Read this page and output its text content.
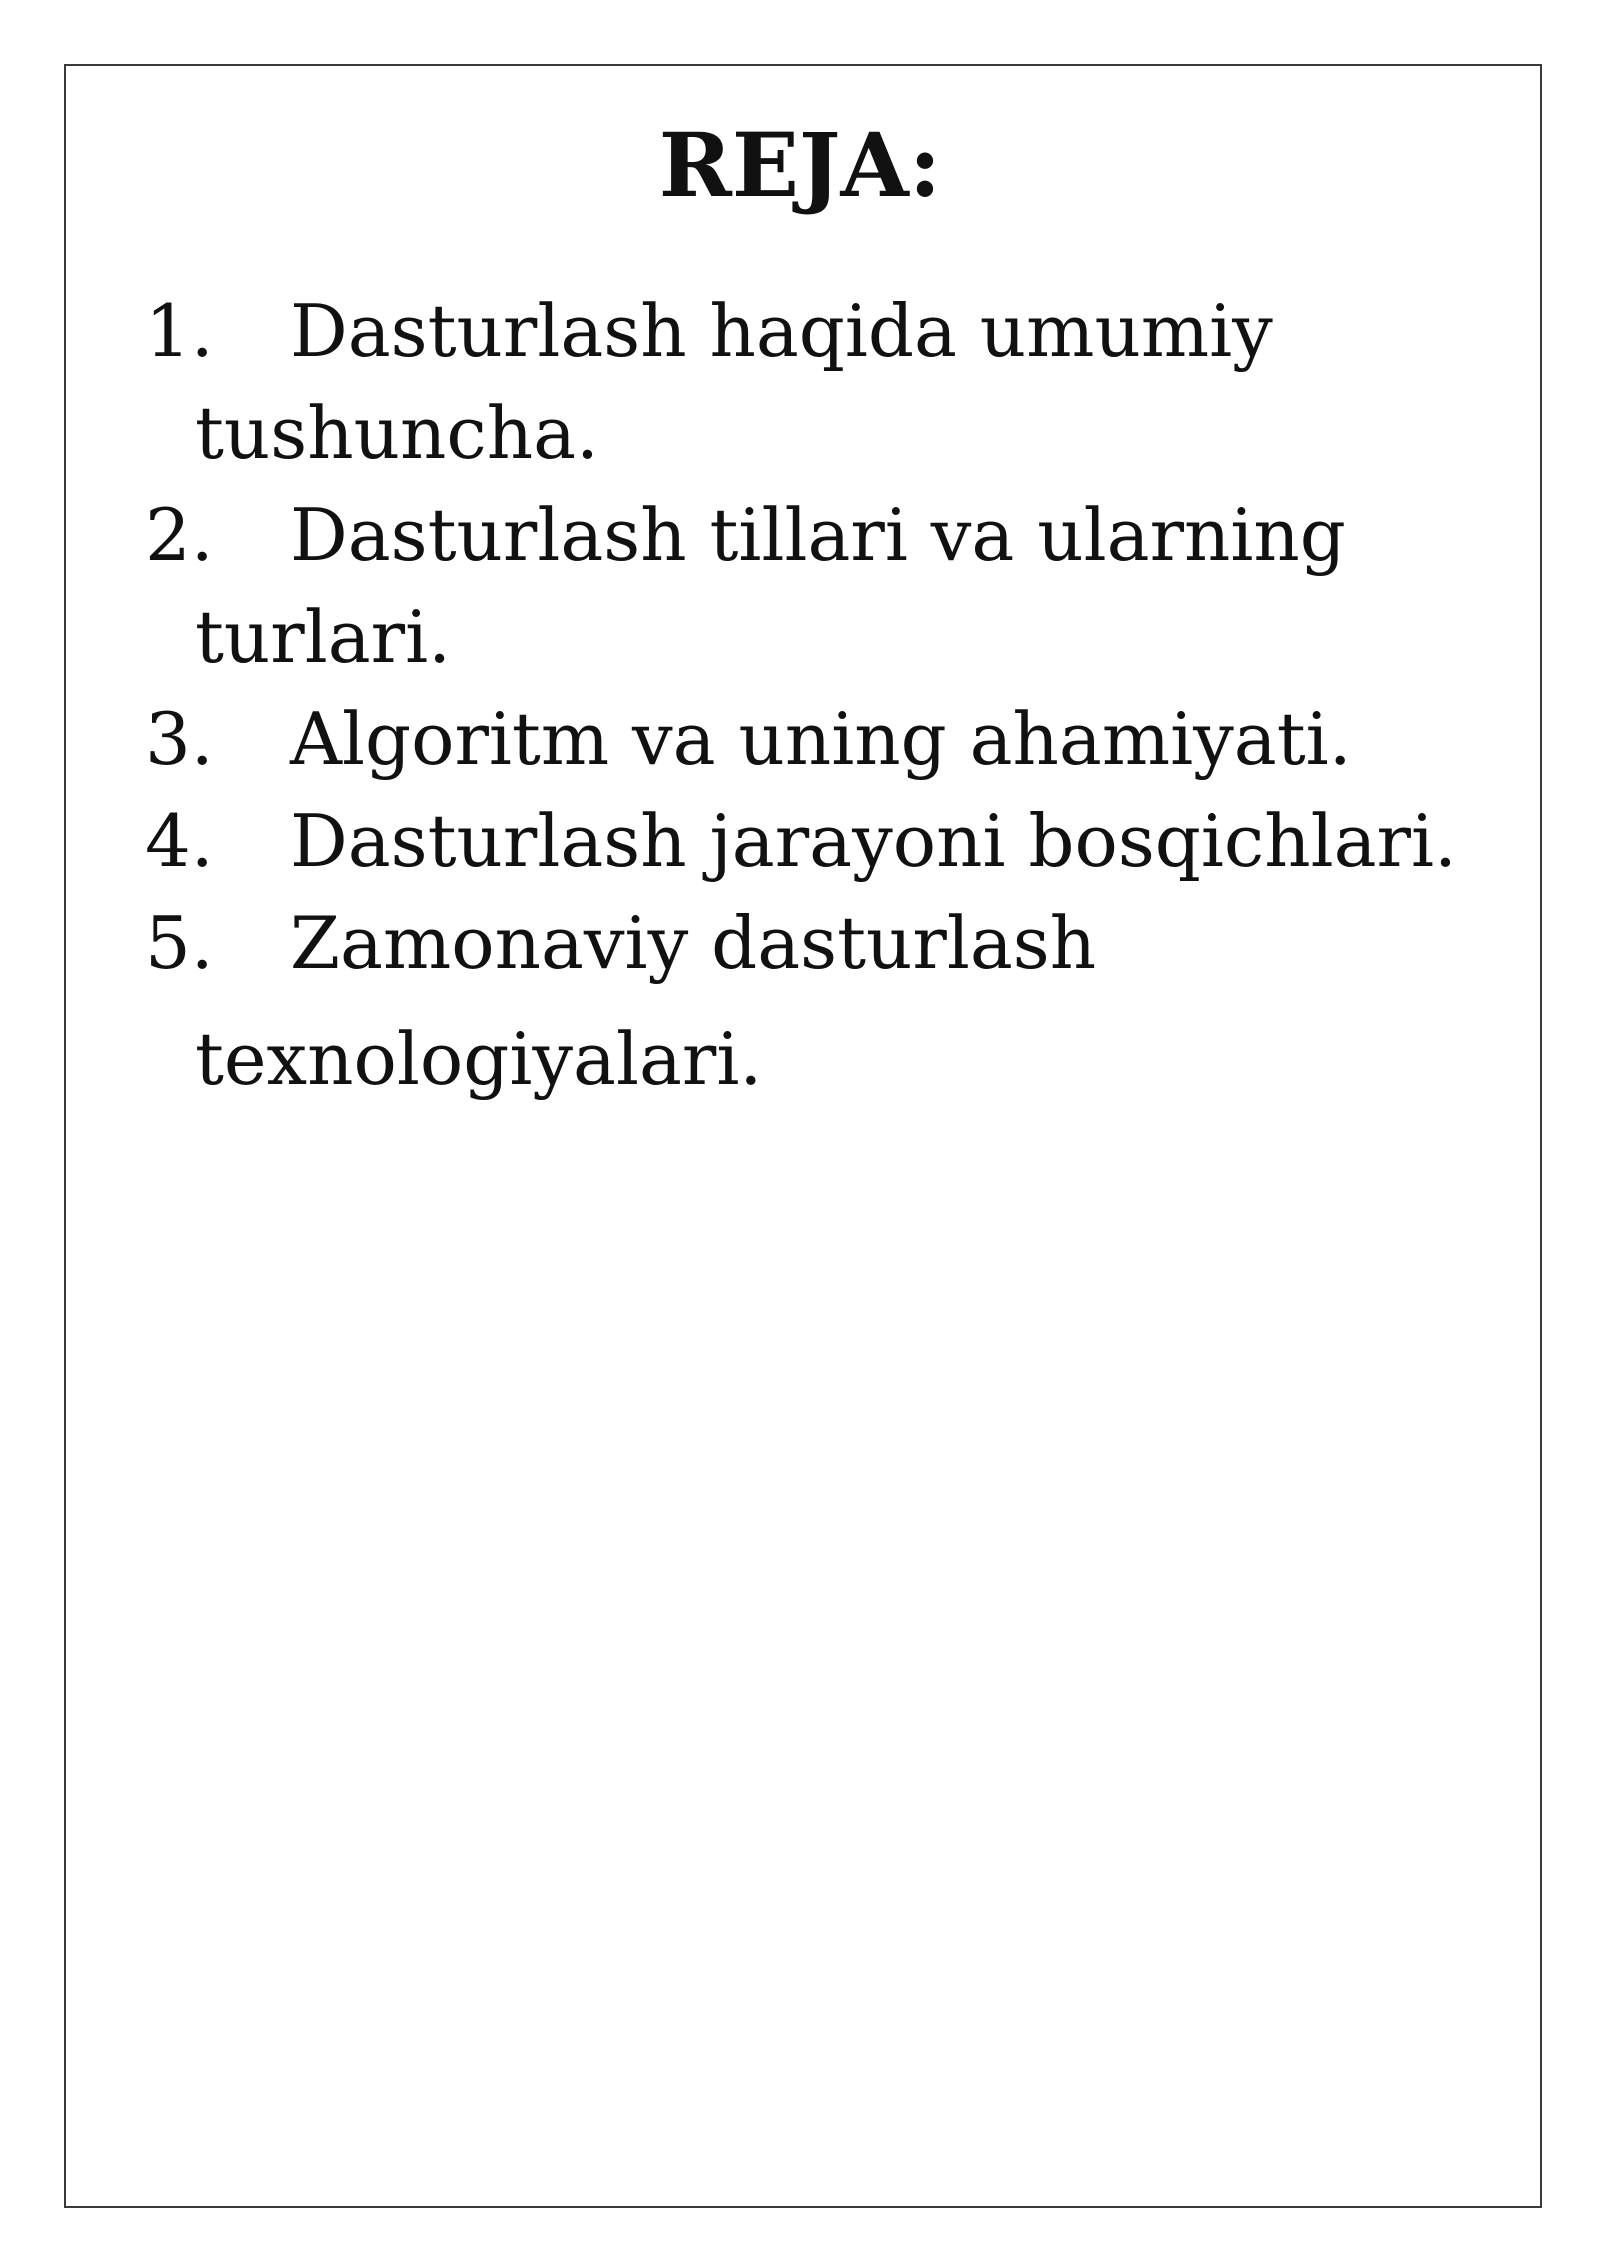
REJA:
1.	Dasturlash haqida umumiy
tushuncha.
2.	Dasturlash tillari va ularning
turlari.
3.	Algoritm va uning ahamiyati.
4.	Dasturlash jarayoni bosqichlari.
5.	Zamonaviy dasturlash
texnologiyalari.
